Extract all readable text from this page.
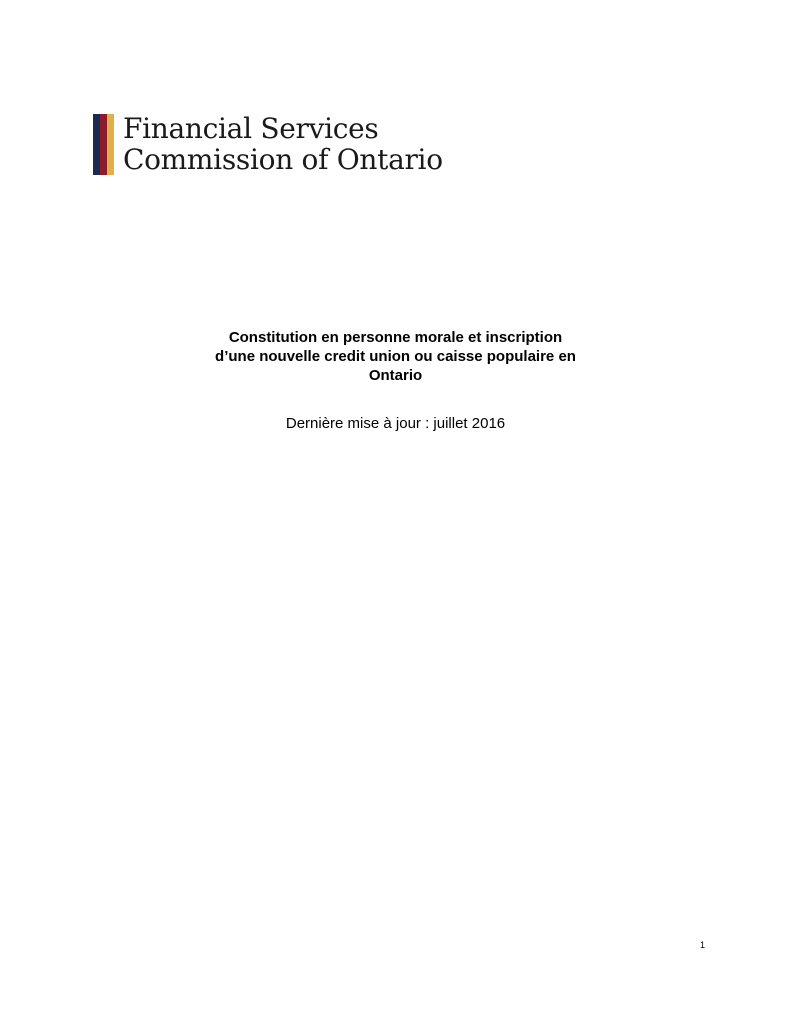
Financial Services
Commission of Ontario
Constitution en personne morale et inscription
d’une nouvelle credit union ou caisse populaire en
Ontario
Dernière mise à jour : juillet 2016
1
